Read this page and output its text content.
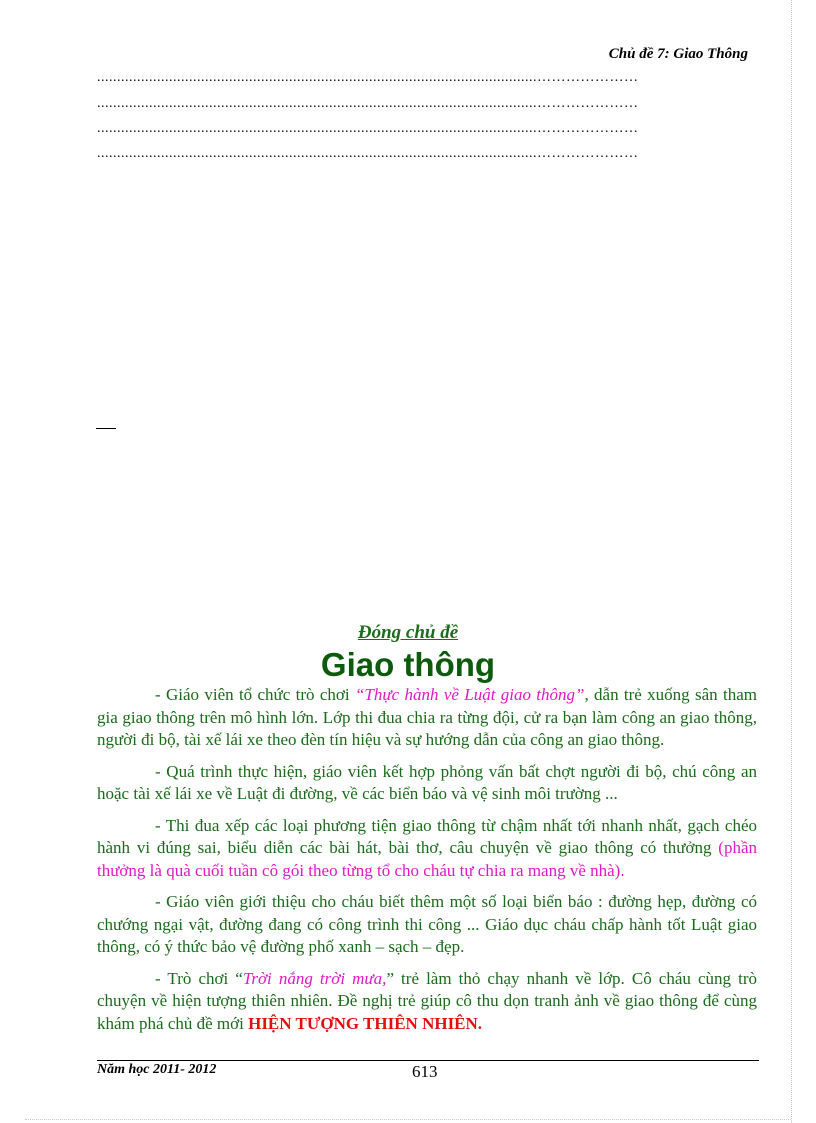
Chủ đề 7: Giao Thông
..............................................................................................................…………………
..............................................................................................................…………………
..............................................................................................................…………………
..............................................................................................................…………………
Đóng chủ đề
Giao thông

- Giáo viên tổ chức trò chơi “Thực hành về Luật giao thông”, dẫn trẻ xuống sân tham gia giao thông trên mô hình lớn. Lớp thi đua chia ra từng đội, cử ra bạn làm công an giao thông, người đi bộ, tài xế lái xe theo đèn tín hiệu và sự hướng dẫn của công an giao thông.

- Quá trình thực hiện, giáo viên kết hợp phỏng vấn bất chợt người đi bộ, chú công an hoặc tài xế lái xe về Luật đi đường, về các biển báo và vệ sinh môi trường ...

- Thi đua xếp các loại phương tiện giao thông từ chậm nhất tới nhanh nhất, gạch chéo hành vi đúng sai, biểu diễn các bài hát, bài thơ, câu chuyện về giao thông có thưởng (phần thưởng là quà cuối tuần cô gói theo từng tổ cho cháu tự chia ra mang về nhà).

- Giáo viên giới thiệu cho cháu biết thêm một số loại biển báo : đường hẹp, đường có chướng ngại vật, đường đang có công trình thi công ... Giáo dục cháu chấp hành tốt Luật giao thông, có ý thức bảo vệ đường phố xanh – sạch – đẹp.

- Trò chơi “Trời nắng trời mưa,” trẻ làm thỏ chạy nhanh về lớp. Cô cháu cùng trò chuyện về hiện tượng thiên nhiên. Đề nghị trẻ giúp cô thu dọn tranh ảnh về giao thông để cùng khám phá chủ đề mới HIỆN TƯỢNG THIÊN NHIÊN.

Năm học 2011- 2012	613
